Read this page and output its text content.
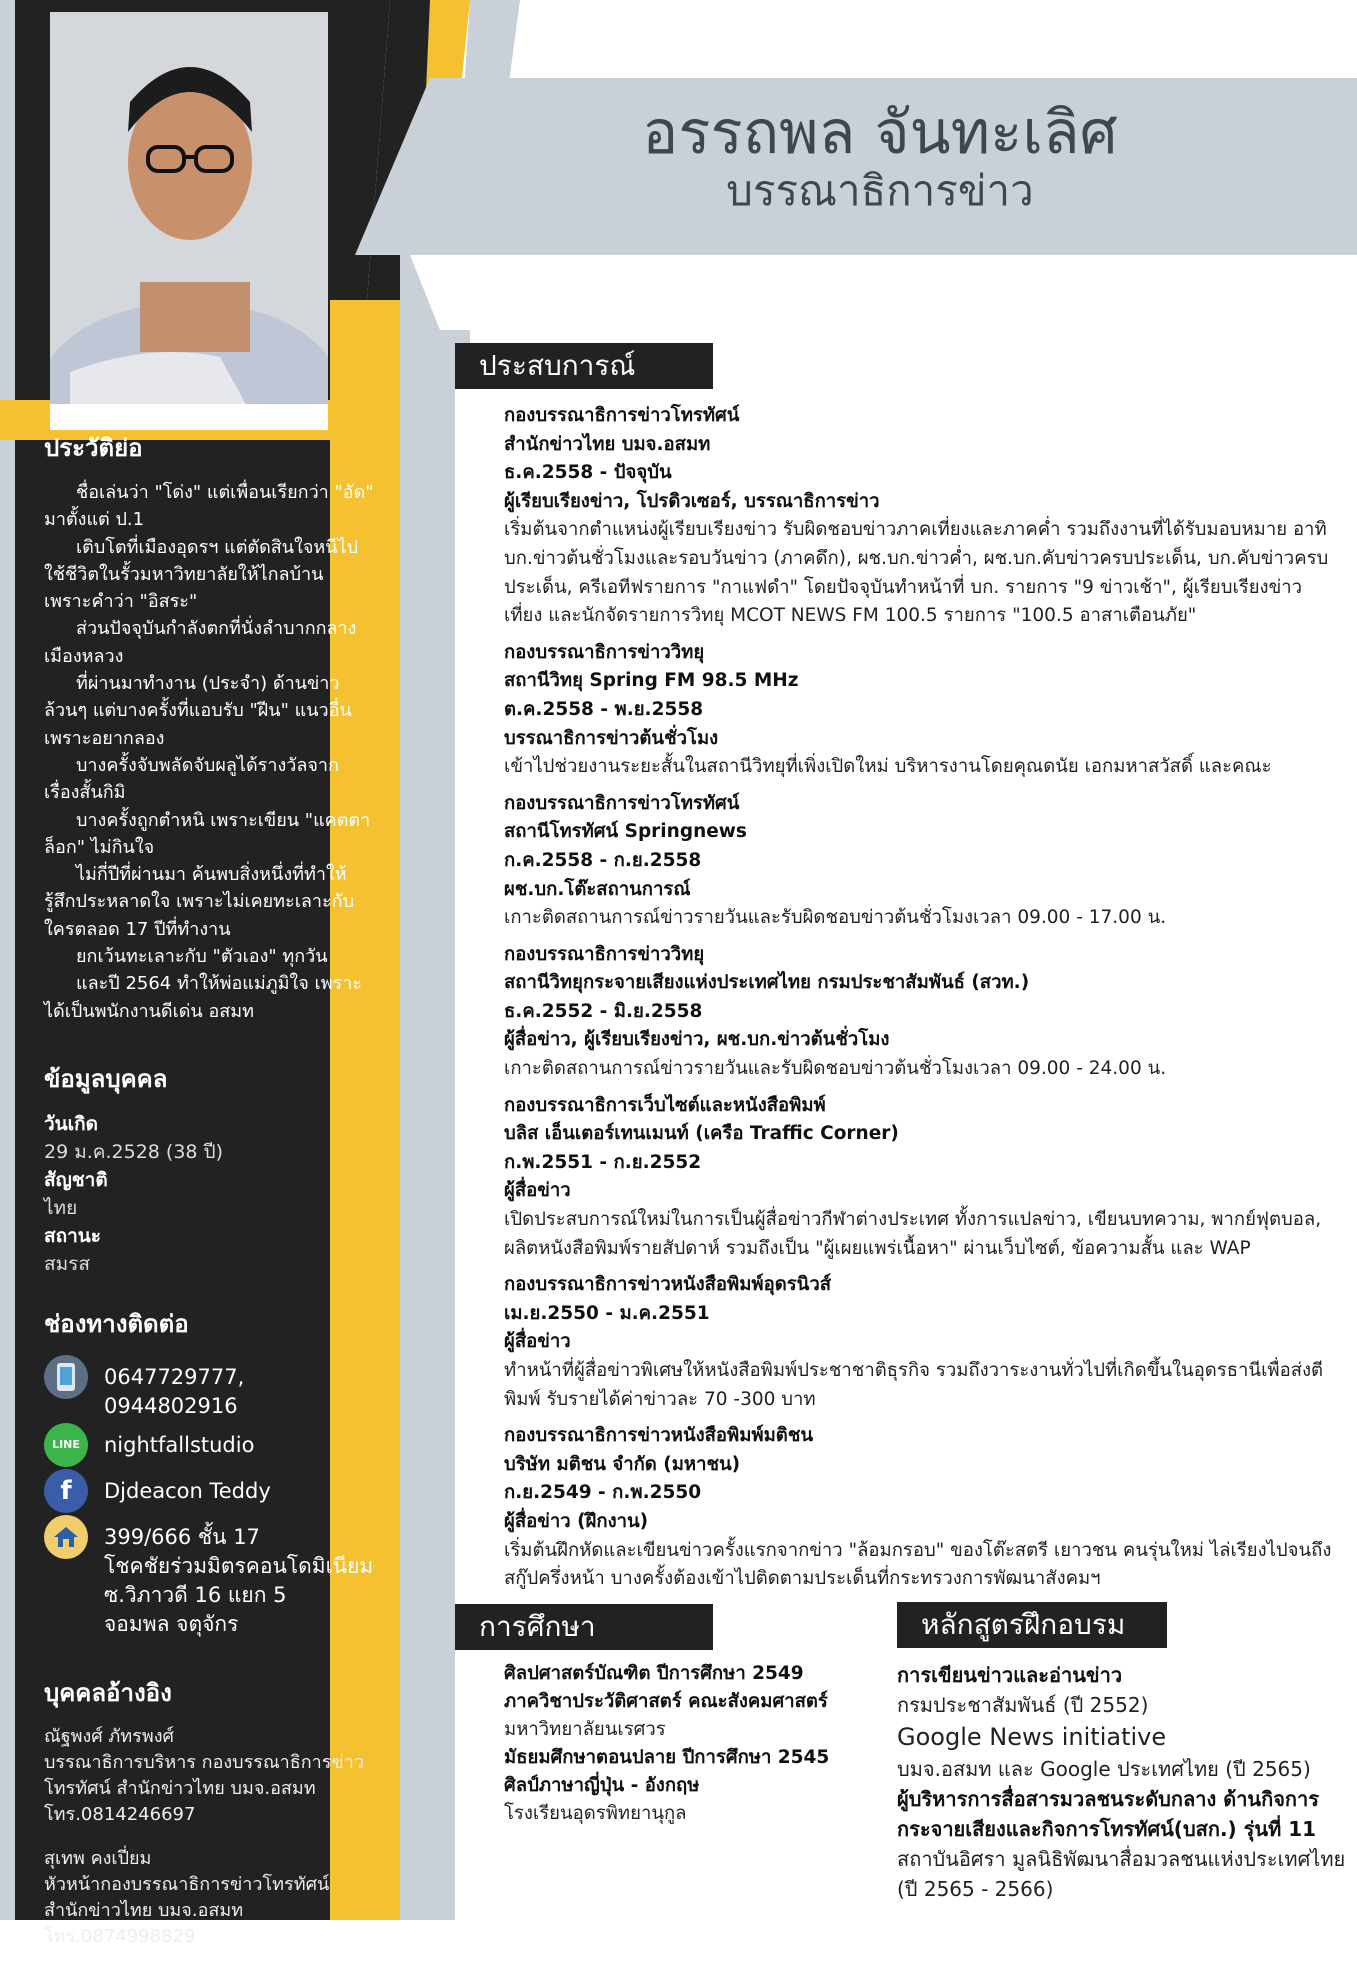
อรรถพล จันทะเลิศ
บรรณาธิการข่าว
ประวัติย่อ

ชื่อเล่นว่า "โด่ง" แต่เพื่อนเรียกว่า "อัด" มาตั้งแต่ ป.1

เติบโตที่เมืองอุดรฯ แต่ตัดสินใจหนีไปใช้ชีวิตในรั้วมหาวิทยาลัยให้ไกลบ้าน เพราะคำว่า "อิสระ"

ส่วนปัจจุบันกำลังตกที่นั่งลำบากกลางเมืองหลวง

ที่ผ่านมาทำงาน (ประจำ) ด้านข่าวล้วนๆ แต่บางครั้งที่แอบรับ "ฝีน" แนวอื่นเพราะอยากลอง

บางครั้งจับพลัดจับผลูได้รางวัลจากเรื่องสั้นกิมิ

บางครั้งถูกตำหนิ เพราะเขียน "แคตตาล็อก" ไม่กินใจ

ไม่กี่ปีที่ผ่านมา ค้นพบสิ่งหนึ่งที่ทำให้รู้สึกประหลาดใจ เพราะไม่เคยทะเลาะกับใครตลอด 17 ปีที่ทำงาน

ยกเว้นทะเลาะกับ "ตัวเอง" ทุกวัน

และปี 2564 ทำให้พ่อแม่ภูมิใจ เพราะได้เป็นพนักงานดีเด่น อสมท

ข้อมูลบุคคล
วันเกิด
29 ม.ค.2528 (38 ปี)
สัญชาติ
ไทย
สถานะ
สมรส
ช่องทางติดต่อ
0647729777, 0944802916
LINE nightfallstudio
f Djdeacon Teddy
399/666 ชั้น 17
โชคชัยร่วมมิตรคอนโดมิเนียม
ซ.วิภาวดี 16 แยก 5
จอมพล จตุจักร
บุคคลอ้างอิง
ณัฐพงศ์ ภัทรพงศ์
บรรณาธิการบริหาร กองบรรณาธิการข่าวโทรทัศน์ สำนักข่าวไทย บมจ.อสมท
โทร.0814246697
สุเทพ คงเปี่ยม
หัวหน้ากองบรรณาธิการข่าวโทรทัศน์ สำนักข่าวไทย บมจ.อสมท
โทร.0874998829
ประสบการณ์
การศึกษา	หลักสูตรฝึกอบรม
กองบรรณาธิการข่าวโทรทัศน์
สำนักข่าวไทย บมจ.อสมท
ธ.ค.2558 - ปัจจุบัน
ผู้เรียบเรียงข่าว, โปรดิวเซอร์, บรรณาธิการข่าว
เริ่มต้นจากตำแหน่งผู้เรียบเรียงข่าว รับผิดชอบข่าวภาคเที่ยงและภาคค่ำ รวมถึงงานที่ได้รับมอบหมาย อาทิ บก.ข่าวต้นชั่วโมงและรอบวันข่าว (ภาคดึก), ผช.บก.ข่าวค่ำ, ผช.บก.คับข่าวครบประเด็น, บก.คับข่าวครบประเด็น, ครีเอทีฟรายการ "กาแฟดำ" โดยปัจจุบันทำหน้าที่ บก. รายการ "9 ข่าวเช้า", ผู้เรียบเรียงข่าวเที่ยง และนักจัดรายการวิทยุ MCOT NEWS FM 100.5 รายการ "100.5 อาสาเตือนภัย"
กองบรรณาธิการข่าววิทยุ
สถานีวิทยุ Spring FM 98.5 MHz
ต.ค.2558 - พ.ย.2558
บรรณาธิการข่าวต้นชั่วโมง
เข้าไปช่วยงานระยะสั้นในสถานีวิทยุที่เพิ่งเปิดใหม่ บริหารงานโดยคุณดนัย เอกมหาสวัสดิ์ และคณะ
กองบรรณาธิการข่าวโทรทัศน์
สถานีโทรทัศน์ Springnews
ก.ค.2558 - ก.ย.2558
ผช.บก.โต๊ะสถานการณ์
เกาะติดสถานการณ์ข่าวรายวันและรับผิดชอบข่าวต้นชั่วโมงเวลา 09.00 - 17.00 น.
กองบรรณาธิการข่าววิทยุ
สถานีวิทยุกระจายเสียงแห่งประเทศไทย กรมประชาสัมพันธ์ (สวท.)
ธ.ค.2552 - มิ.ย.2558
ผู้สื่อข่าว, ผู้เรียบเรียงข่าว, ผช.บก.ข่าวต้นชั่วโมง
เกาะติดสถานการณ์ข่าวรายวันและรับผิดชอบข่าวต้นชั่วโมงเวลา 09.00 - 24.00 น.
กองบรรณาธิการเว็บไซต์และหนังสือพิมพ์
บลิส เอ็นเตอร์เทนเมนท์ (เครือ Traffic Corner)
ก.พ.2551 - ก.ย.2552
ผู้สื่อข่าว
เปิดประสบการณ์ใหม่ในการเป็นผู้สื่อข่าวกีฬาต่างประเทศ ทั้งการแปลข่าว, เขียนบทความ, พากย์ฟุตบอล, ผลิตหนังสือพิมพ์รายสัปดาห์ รวมถึงเป็น "ผู้เผยแพร่เนื้อหา" ผ่านเว็บไซต์, ข้อความสั้น และ WAP
กองบรรณาธิการข่าวหนังสือพิมพ์อุดรนิวส์
เม.ย.2550 - ม.ค.2551
ผู้สื่อข่าว
ทำหน้าที่ผู้สื่อข่าวพิเศษให้หนังสือพิมพ์ประชาชาติธุรกิจ รวมถึงวาระงานทั่วไปที่เกิดขึ้นในอุดรธานีเพื่อส่งตีพิมพ์ รับรายได้ค่าข่าวละ 70 -300 บาท
กองบรรณาธิการข่าวหนังสือพิมพ์มติชน
บริษัท มติชน จำกัด (มหาชน)
ก.ย.2549 - ก.พ.2550
ผู้สื่อข่าว (ฝึกงาน)
เริ่มต้นฝึกหัดและเขียนข่าวครั้งแรกจากข่าว "ล้อมกรอบ" ของโต๊ะสตรี เยาวชน คนรุ่นใหม่ ไล่เรียงไปจนถึงสกู๊ปครึ่งหน้า บางครั้งต้องเข้าไปติดตามประเด็นที่กระทรวงการพัฒนาสังคมฯ
ศิลปศาสตร์บัณฑิต ปีการศึกษา 2549
ภาควิชาประวัติศาสตร์ คณะสังคมศาสตร์
มหาวิทยาลัยนเรศวร
มัธยมศึกษาตอนปลาย ปีการศึกษา 2545
ศิลป์ภาษาญี่ปุ่น - อังกฤษ
โรงเรียนอุดรพิทยานุกูล
การเขียนข่าวและอ่านข่าว
กรมประชาสัมพันธ์ (ปี 2552)
Google News initiative
บมจ.อสมท และ Google ประเทศไทย (ปี 2565)
ผู้บริหารการสื่อสารมวลชนระดับกลาง ด้านกิจการกระจายเสียงและกิจการโทรทัศน์(บสก.) รุ่นที่ 11
สถาบันอิศรา มูลนิธิพัฒนาสื่อมวลชนแห่งประเทศไทย
(ปี 2565 - 2566)
